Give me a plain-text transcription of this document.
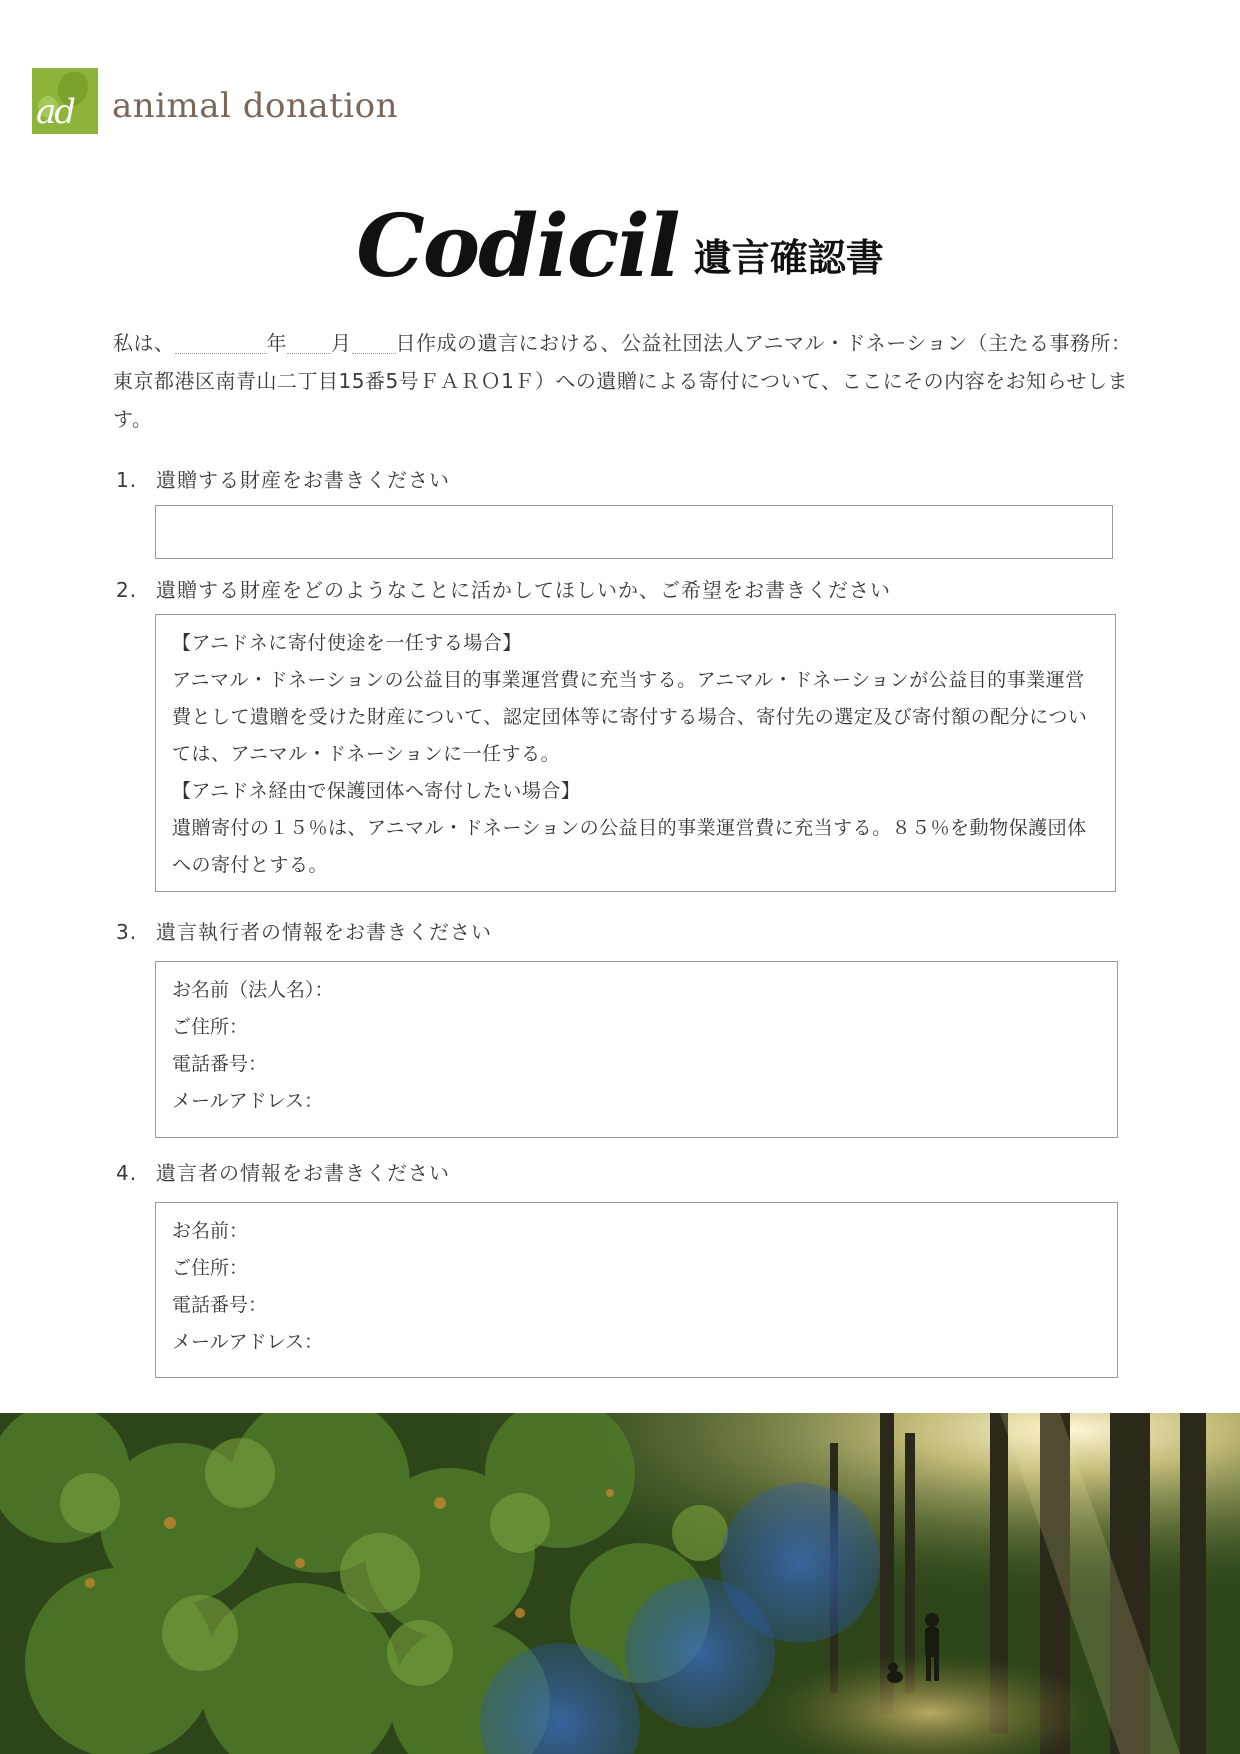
ad animal donation
Codicil 遺言確認書
私は、	年 月 日作成の遺言における、公益社団法人アニマル・ドネーション（主たる事務所：東京都港区南青山二丁目15番5号ＦＡＲＯ1Ｆ）への遺贈による寄付について、ここにその内容をお知らせします。
1. 遺贈する財産をお書きください
2. 遺贈する財産をどのようなことに活かしてほしいか、ご希望をお書きください
【アニドネに寄付使途を一任する場合】
アニマル・ドネーションの公益目的事業運営費に充当する。アニマル・ドネーションが公益目的事業運営費として遺贈を受けた財産について、認定団体等に寄付する場合、寄付先の選定及び寄付額の配分については、アニマル・ドネーションに一任する。
【アニドネ経由で保護団体へ寄付したい場合】
遺贈寄付の１５％は、アニマル・ドネーションの公益目的事業運営費に充当する。８５％を動物保護団体への寄付とする。
3. 遺言執行者の情報をお書きください
お名前（法人名）：
ご住所：
電話番号：
メールアドレス：
4. 遺言者の情報をお書きください
お名前：
ご住所：
電話番号：
メールアドレス：
